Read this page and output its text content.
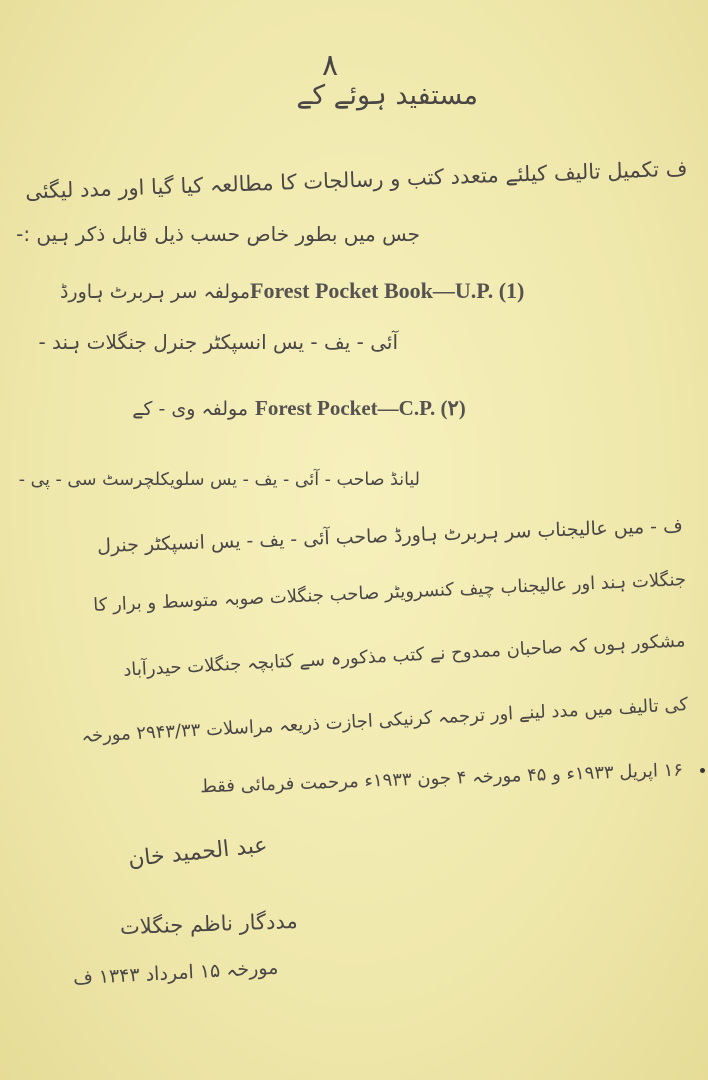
٨
مستفید ہوئے کے
ف تکمیل تالیف کیلئے متعدد کتب و رسالجات کا مطالعہ کیا گیا اور مدد لیگئی
جس میں بطور خاص حسب ذیل قابل ذکر ہیں :-
Forest Pocket Book—U.P. (1)
مولفہ سر ہربرٹ ہاورڈ
آئی - یف - یس انسپکٹر جنرل جنگلات ہند -
Forest Pocket—C.P. (۲)
مولفہ وی - کے
لیانڈ صاحب - آئی - یف - یس سلویکلچرسٹ سی - پی -
ف - میں عالیجناب سر ہربرٹ ہاورڈ صاحب آئی - یف - یس انسپکٹر جنرل
جنگلات ہند اور عالیجناب چیف کنسرویٹر صاحب جنگلات صوبہ متوسط و برار کا
مشکور ہوں کہ صاحبان ممدوح نے کتب مذکورہ سے کتابچہ جنگلات حیدرآباد
کی تالیف میں مدد لینے اور ترجمہ کرنیکی اجازت ذریعہ مراسلات ۲۹۴۳/۳۳ مورخہ
۱۶ اپریل ۱۹۳۳ء و ۴۵ مورخہ ۴ جون ۱۹۳۳ء مرحمت فرمائی فقط
عبد الحمید خان
مددگار ناظم جنگلات
مورخہ ۱۵ امرداد ۱۳۴۳ ف
